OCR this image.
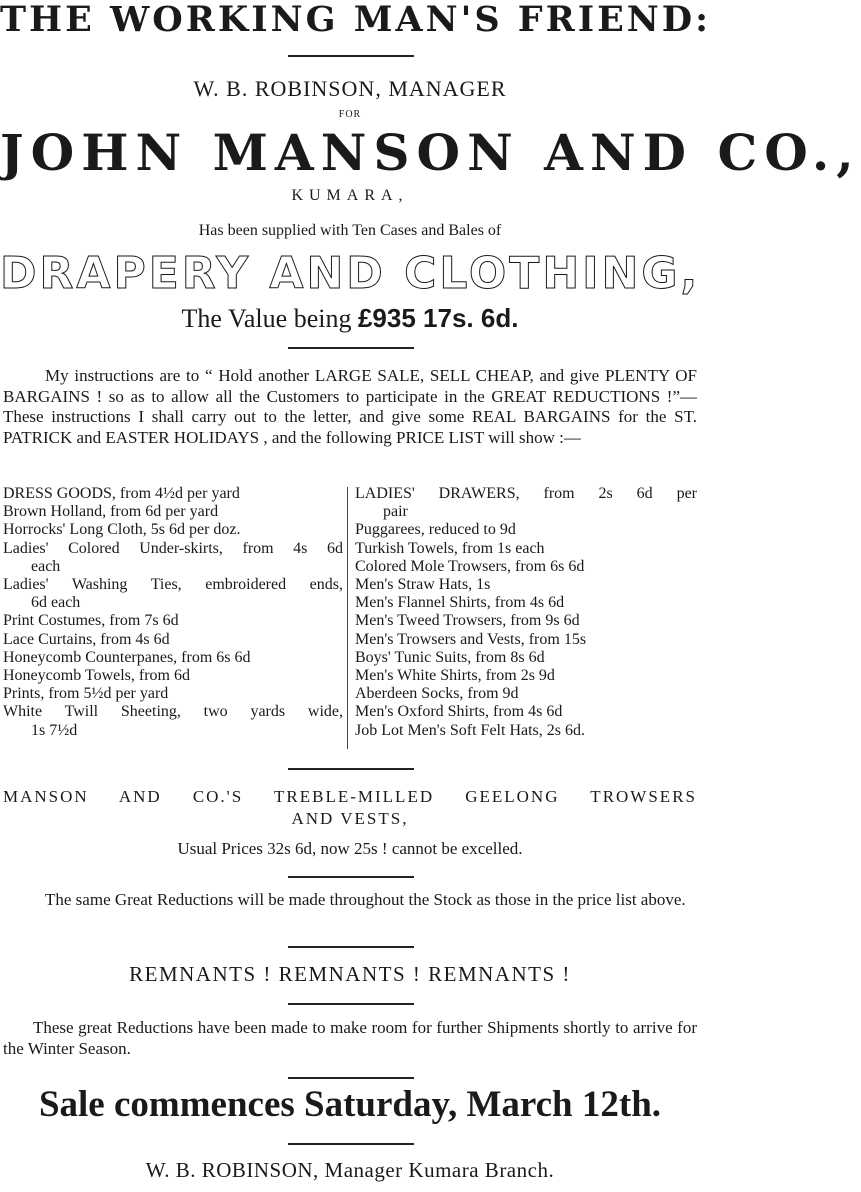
THE WORKING MAN'S FRIEND:
W. B. ROBINSON, MANAGER
FOR
JOHN MANSON AND CO.,
KUMARA,
Has been supplied with Ten Cases and Bales of
DRAPERY AND CLOTHING,
The Value being £935 17s. 6d.
My instructions are to “ Hold another LARGE SALE, SELL CHEAP, and give PLENTY OF BARGAINS ! so as to allow all the Customers to participate in the GREAT REDUCTIONS !”—These instructions I shall carry out to the letter, and give some REAL BARGAINS for the ST. PATRICK and EASTER HOLIDAYS , and the following PRICE LIST will show :—
DRESS GOODS, from 4½d per yard
Brown Holland, from 6d per yard
Horrocks' Long Cloth, 5s 6d per doz.
Ladies' Colored Under-skirts, from 4s 6d
each
Ladies' Washing Ties, embroidered ends,
6d each
Print Costumes, from 7s 6d
Lace Curtains, from 4s 6d
Honeycomb Counterpanes, from 6s 6d
Honeycomb Towels, from 6d
Prints, from 5½d per yard
White Twill Sheeting, two yards wide,
1s 7½d
LADIES' DRAWERS, from 2s 6d per
pair
Puggarees, reduced to 9d
Turkish Towels, from 1s each
Colored Mole Trowsers, from 6s 6d
Men's Straw Hats, 1s
Men's Flannel Shirts, from 4s 6d
Men's Tweed Trowsers, from 9s 6d
Men's Trowsers and Vests, from 15s
Boys' Tunic Suits, from 8s 6d
Men's White Shirts, from 2s 9d
Aberdeen Socks, from 9d
Men's Oxford Shirts, from 4s 6d
Job Lot Men's Soft Felt Hats, 2s 6d.
MANSON AND CO.'S TREBLE-MILLED GEELONG TROWSERS
AND VESTS,
Usual Prices 32s 6d, now 25s ! cannot be excelled.
The same Great Reductions will be made throughout the Stock as those in the price list above.
REMNANTS ! REMNANTS ! REMNANTS !
These great Reductions have been made to make room for further Shipments shortly to arrive for the Winter Season.
Sale commences Saturday, March 12th.
W. B. ROBINSON, Manager Kumara Branch.
